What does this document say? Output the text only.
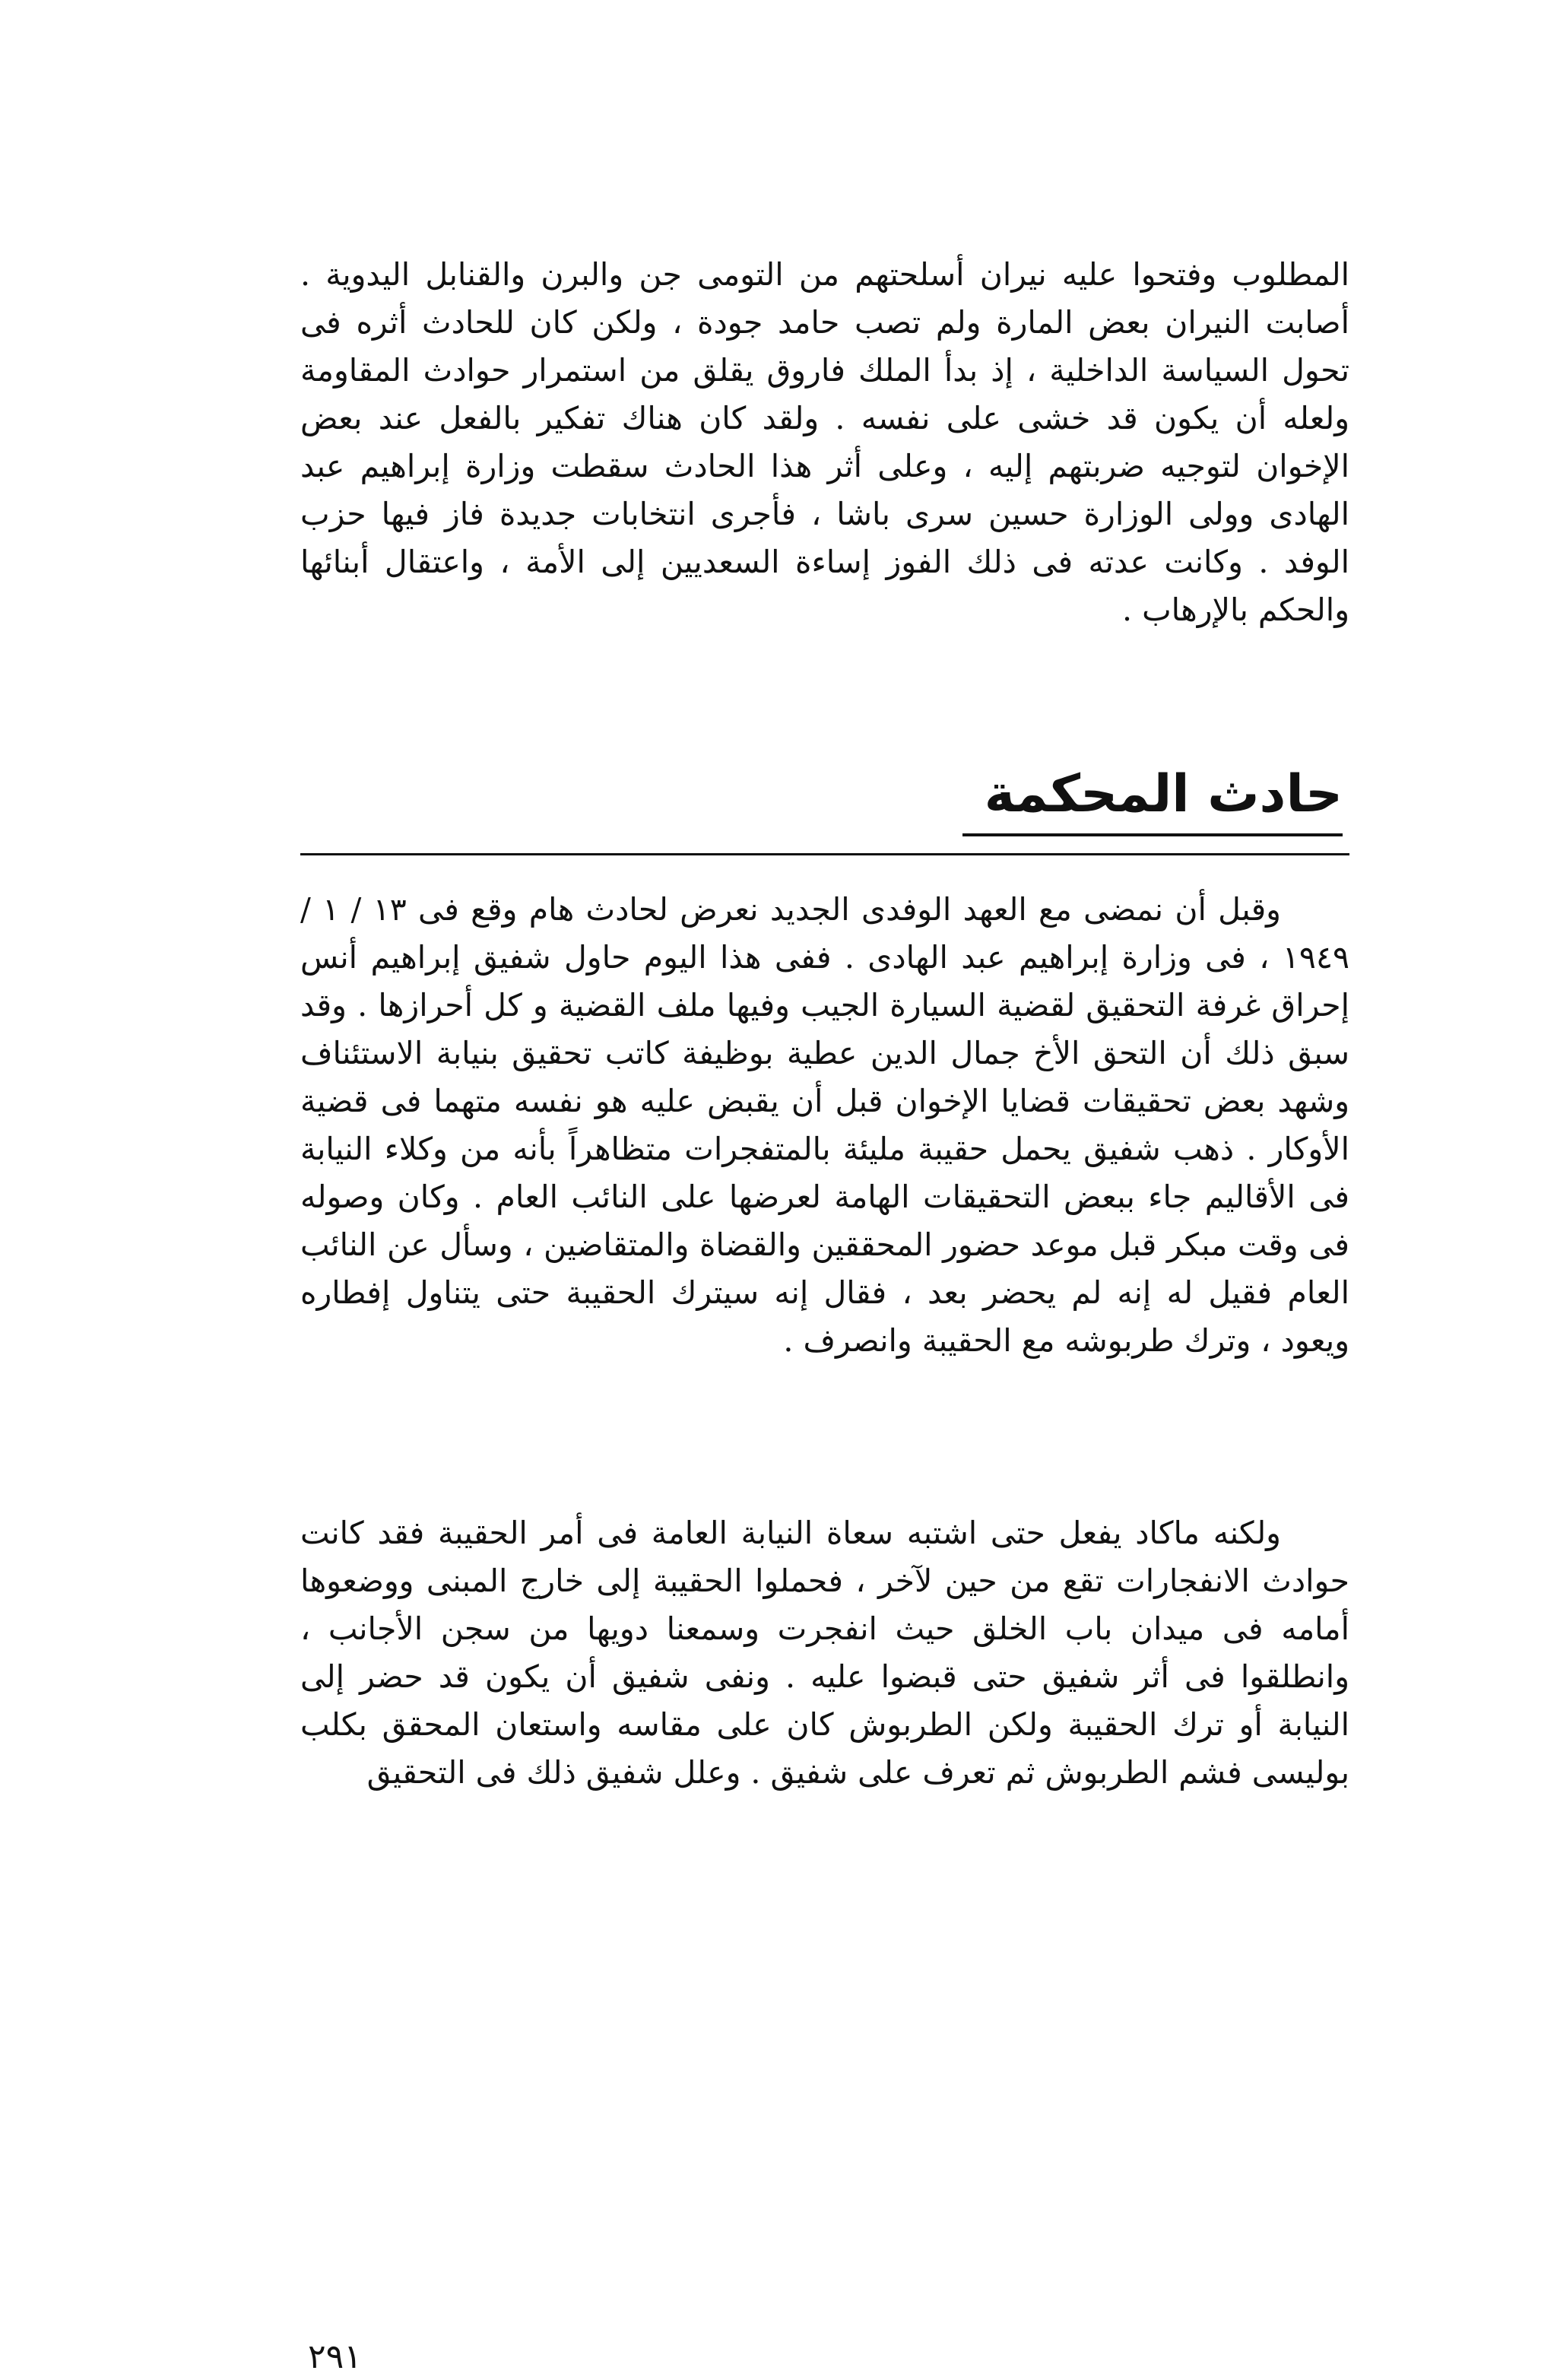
المطلوب وفتحوا عليه نيران أسلحتهم من التومى جن والبرن والقنابل اليدوية . أصابت النيران بعض المارة ولم تصب حامد جودة ، ولكن كان للحادث أثره فى تحول السياسة الداخلية ، إذ بدأ الملك فاروق يقلق من استمرار حوادث المقاومة ولعله أن يكون قد خشى على نفسه . ولقد كان هناك تفكير بالفعل عند بعض الإخوان لتوجيه ضربتهم إليه ، وعلى أثر هذا الحادث سقطت وزارة إبراهيم عبد الهادى وولى الوزارة حسين سرى باشا ، فأجرى انتخابات جديدة فاز فيها حزب الوفد . وكانت عدته فى ذلك الفوز إساءة السعديين إلى الأمة ، واعتقال أبنائها والحكم بالإرهاب .

حادث المحكمة

وقبل أن نمضى مع العهد الوفدى الجديد نعرض لحادث هام وقع فى ١٣ / ١ / ١٩٤٩ ، فى وزارة إبراهيم عبد الهادى . ففى هذا اليوم حاول شفيق إبراهيم أنس إحراق غرفة التحقيق لقضية السيارة الجيب وفيها ملف القضية و كل أحرازها . وقد سبق ذلك أن التحق الأخ جمال الدين عطية بوظيفة كاتب تحقيق بنيابة الاستئناف وشهد بعض تحقيقات قضايا الإخوان قبل أن يقبض عليه هو نفسه متهما فى قضية الأوكار . ذهب شفيق يحمل حقيبة مليئة بالمتفجرات متظاهراً بأنه من وكلاء النيابة فى الأقاليم جاء ببعض التحقيقات الهامة لعرضها على النائب العام . وكان وصوله فى وقت مبكر قبل موعد حضور المحققين والقضاة والمتقاضين ، وسأل عن النائب العام فقيل له إنه لم يحضر بعد ، فقال إنه سيترك الحقيبة حتى يتناول إفطاره ويعود ، وترك طربوشه مع الحقيبة وانصرف .

ولكنه ماكاد يفعل حتى اشتبه سعاة النيابة العامة فى أمر الحقيبة فقد كانت حوادث الانفجارات تقع من حين لآخر ، فحملوا الحقيبة إلى خارج المبنى ووضعوها أمامه فى ميدان باب الخلق حيث انفجرت وسمعنا دويها من سجن الأجانب ، وانطلقوا فى أثر شفيق حتى قبضوا عليه . ونفى شفيق أن يكون قد حضر إلى النيابة أو ترك الحقيبة ولكن الطربوش كان على مقاسه واستعان المحقق بكلب بوليسى فشم الطربوش ثم تعرف على شفيق . وعلل شفيق ذلك فى التحقيق

٢٩١
